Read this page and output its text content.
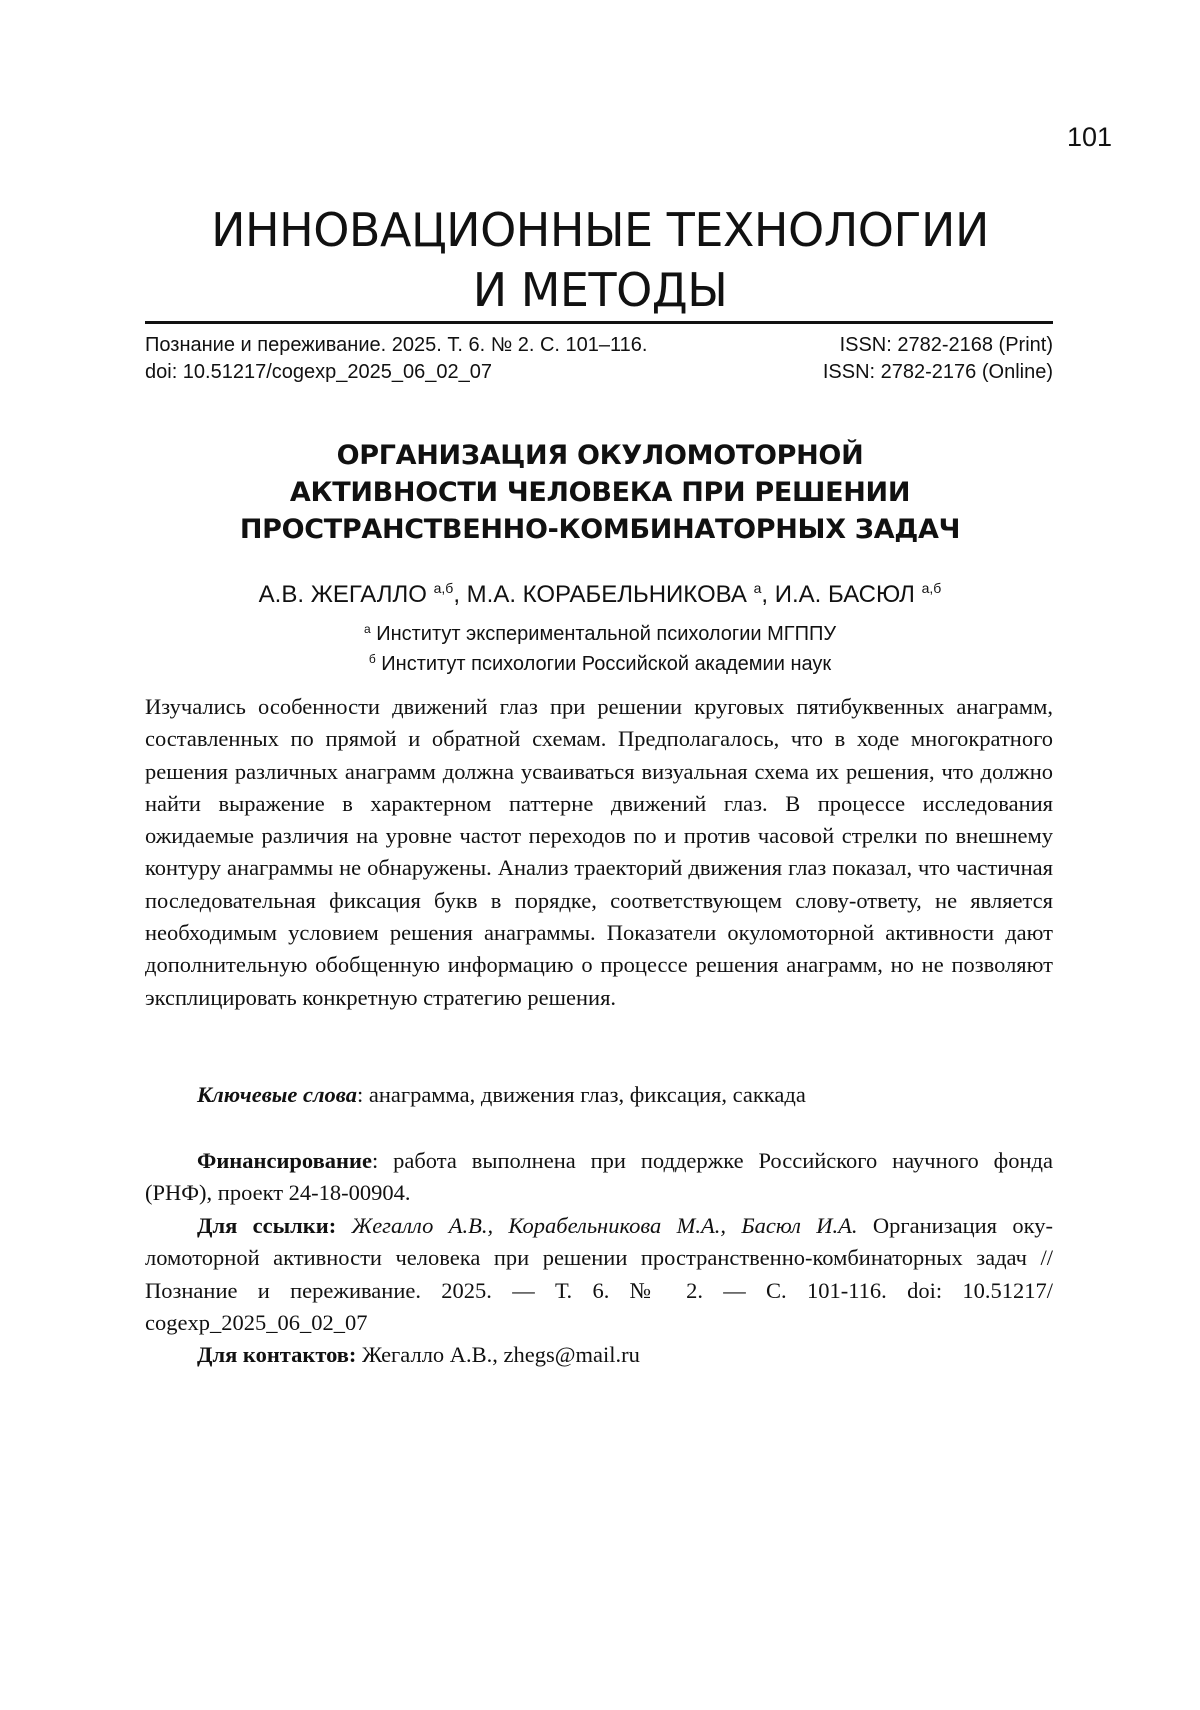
101
ИННОВАЦИОННЫЕ ТЕХНОЛОГИИ
И МЕТОДЫ
Познание и переживание. 2025. Т. 6. № 2. С. 101–116.
doi: 10.51217/cogexp_2025_06_02_07
ISSN: 2782-2168 (Print)
ISSN: 2782-2176 (Online)
ОРГАНИЗАЦИЯ ОКУЛОМОТОРНОЙ
АКТИВНОСТИ ЧЕЛОВЕКА ПРИ РЕШЕНИИ
ПРОСТРАНСТВЕННО-КОМБИНАТОРНЫХ ЗАДАЧ
А.В. ЖЕГАЛЛО $^{а,б}$, М.А. КОРАБЕЛЬНИКОВА $^а$, И.А. БАСЮЛ $^{а,б}$
$^а$ Институт экспериментальной психологии МГППУ
$^б$ Институт психологии Российской академии наук
Изучались особенности движений глаз при решении круговых пятибуквенных анаграмм, составленных по прямой и обратной схемам. Предполагалось, что в ходе многократного решения различных анаграмм должна усваиваться визуальная схема их решения, что должно найти выражение в характерном паттерне движений глаз. В процессе исследования ожидаемые различия на уровне частот переходов по и против часовой стрелки по внешнему контуру анаграммы не обнаружены. Анализ траекторий движения глаз показал, что частичная последовательная фиксация букв в порядке, соответствующем слову-ответу, не является необходимым условием решения анаграммы. Показатели окуломоторной активности дают дополнительную обобщенную информацию о процессе решения анаграмм, но не позволяют эксплицировать конкретную стратегию решения.
Ключевые слова: анаграмма, движения глаз, фиксация, саккада
Финансирование: работа выполнена при поддержке Российского научного фонда (РНФ), проект 24-18-00904.
Для ссылки: Жегалло А.В., Корабельникова М.А., Басюл И.А. Организация окуломоторной активности человека при решении пространственно-комбинаторных задач // Познание и переживание. 2025. — Т. 6. № 2. — С. 101-116. doi: 10.51217/ cogexp_2025_06_02_07
Для контактов: Жегалло А.В., zhegs@mail.ru
